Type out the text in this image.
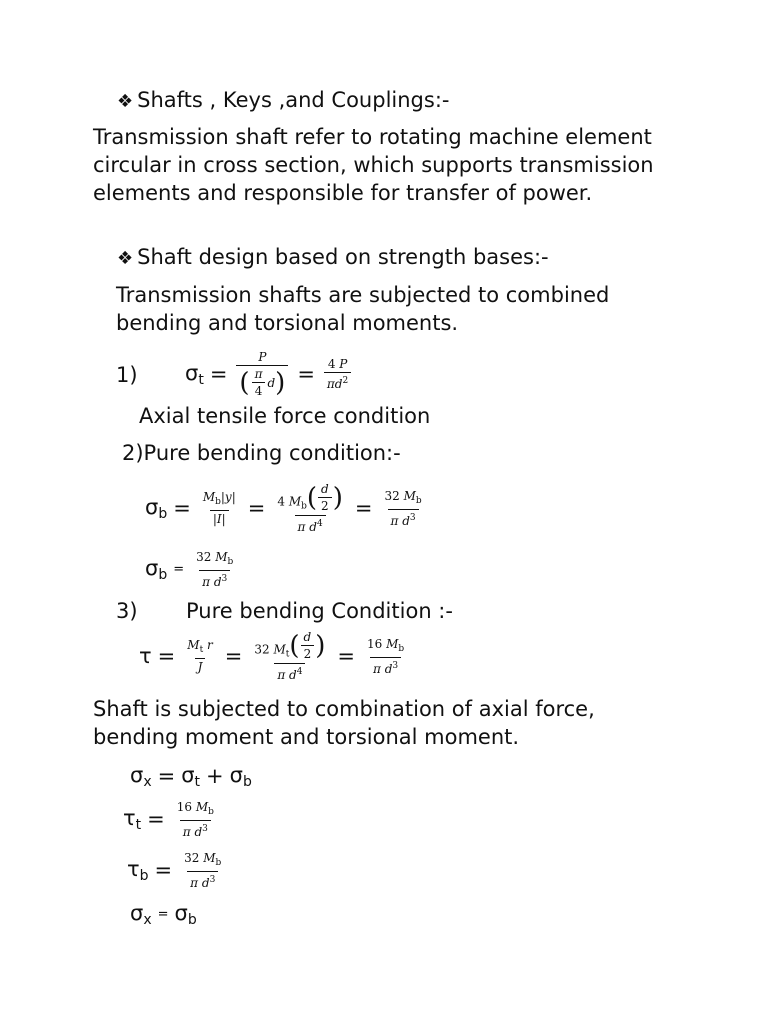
❖ Shafts , Keys ,and Couplings:-
Transmission shaft refer to rotating machine element circular in cross section, which supports transmission elements and responsible for transfer of power.
❖ Shaft design based on strength bases:-
Transmission shafts are subjected to combined bending and torsional moments.
1) $\sigma_t = \frac{P}{( \frac{\pi}{4} d )} = \frac{4 P}{\pi d^2}$
Axial tensile force condition
2)Pure bending condition:-
$\sigma_b = \frac{M_b|y|}{|I|} = \frac{4 M_b ( \frac{d}{2} )}{\pi d^4} = \frac{32 M_b}{\pi d^3}$
$\sigma_b = \frac{32 M_b}{\pi d^3}$
3) Pure bending Condition :-
$\tau = \frac{M_t r}{J} = \frac{32 M_t ( \frac{d}{2} )}{\pi d^4} = \frac{16 M_b}{\pi d^3}$
Shaft is subjected to combination of axial force, bending moment and torsional moment.
$\sigma_x = \sigma_t + \sigma_b$
$\tau_t = \frac{16 M_b}{\pi d^3}$
$\tau_b = \frac{32 M_b}{\pi d^3}$
$\sigma_x = \sigma_b$
